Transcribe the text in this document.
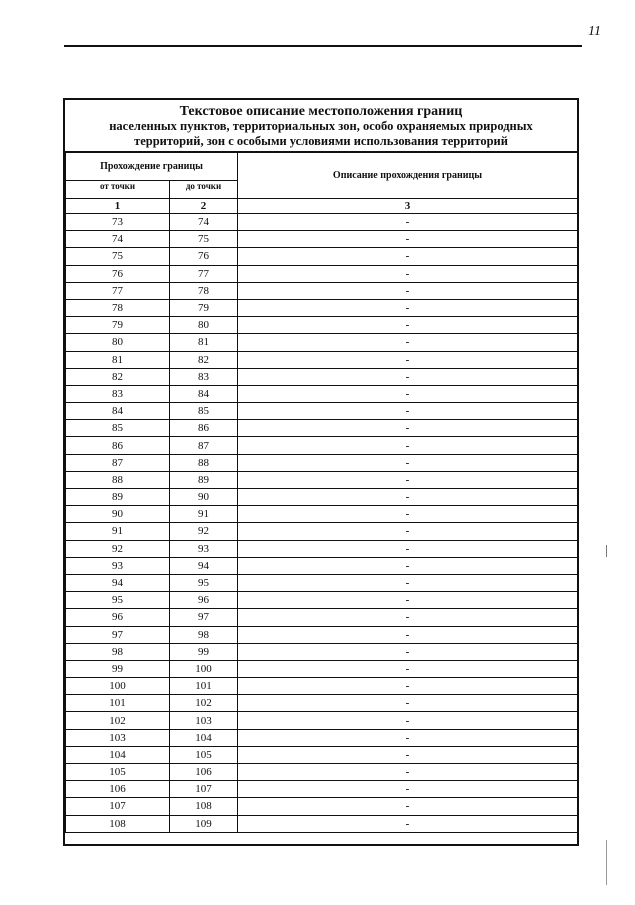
11
Текстовое описание местоположения границ
населенных пунктов, территориальных зон, особо охраняемых природных
территорий, зон с особыми условиями использования территорий
Прохождение границы		Описание прохождения границы
от точки	до точки	
1	2	3
73	74	-
74	75	-
75	76	-
76	77	-
77	78	-
78	79	-
79	80	-
80	81	-
81	82	-
82	83	-
83	84	-
84	85	-
85	86	-
86	87	-
87	88	-
88	89	-
89	90	-
90	91	-
91	92	-
92	93	-
93	94	-
94	95	-
95	96	-
96	97	-
97	98	-
98	99	-
99	100	-
100	101	-
101	102	-
102	103	-
103	104	-
104	105	-
105	106	-
106	107	-
107	108	-
108	109	-
